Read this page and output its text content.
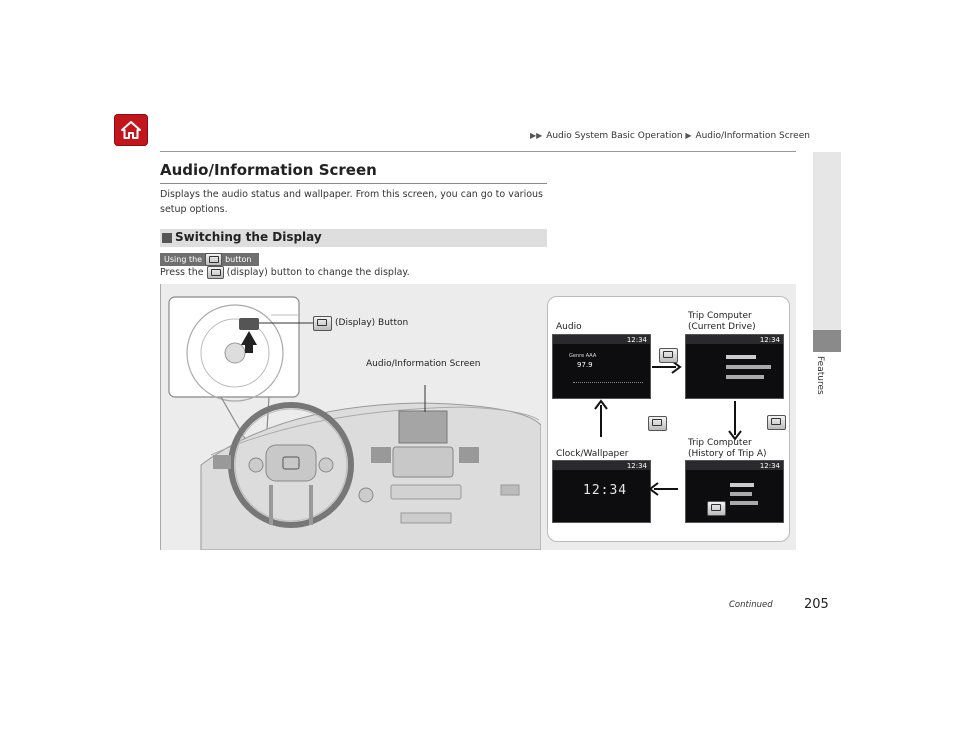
▶▶ Audio System Basic Operation ▶ Audio/Information Screen
Features
Audio/Information Screen
Displays the audio status and wallpaper. From this screen, you can go to various setup options.
Switching the Display
Using the	button
Press the (display) button to change the display.
(Display) Button
Audio/Information Screen
Audio
Trip Computer
(Current Drive)
Trip Computer
(History of Trip A)
Clock/Wallpaper
12:34
Genre AAA
97.9
12:34
12:34
12:34
12:34

Continued 205
